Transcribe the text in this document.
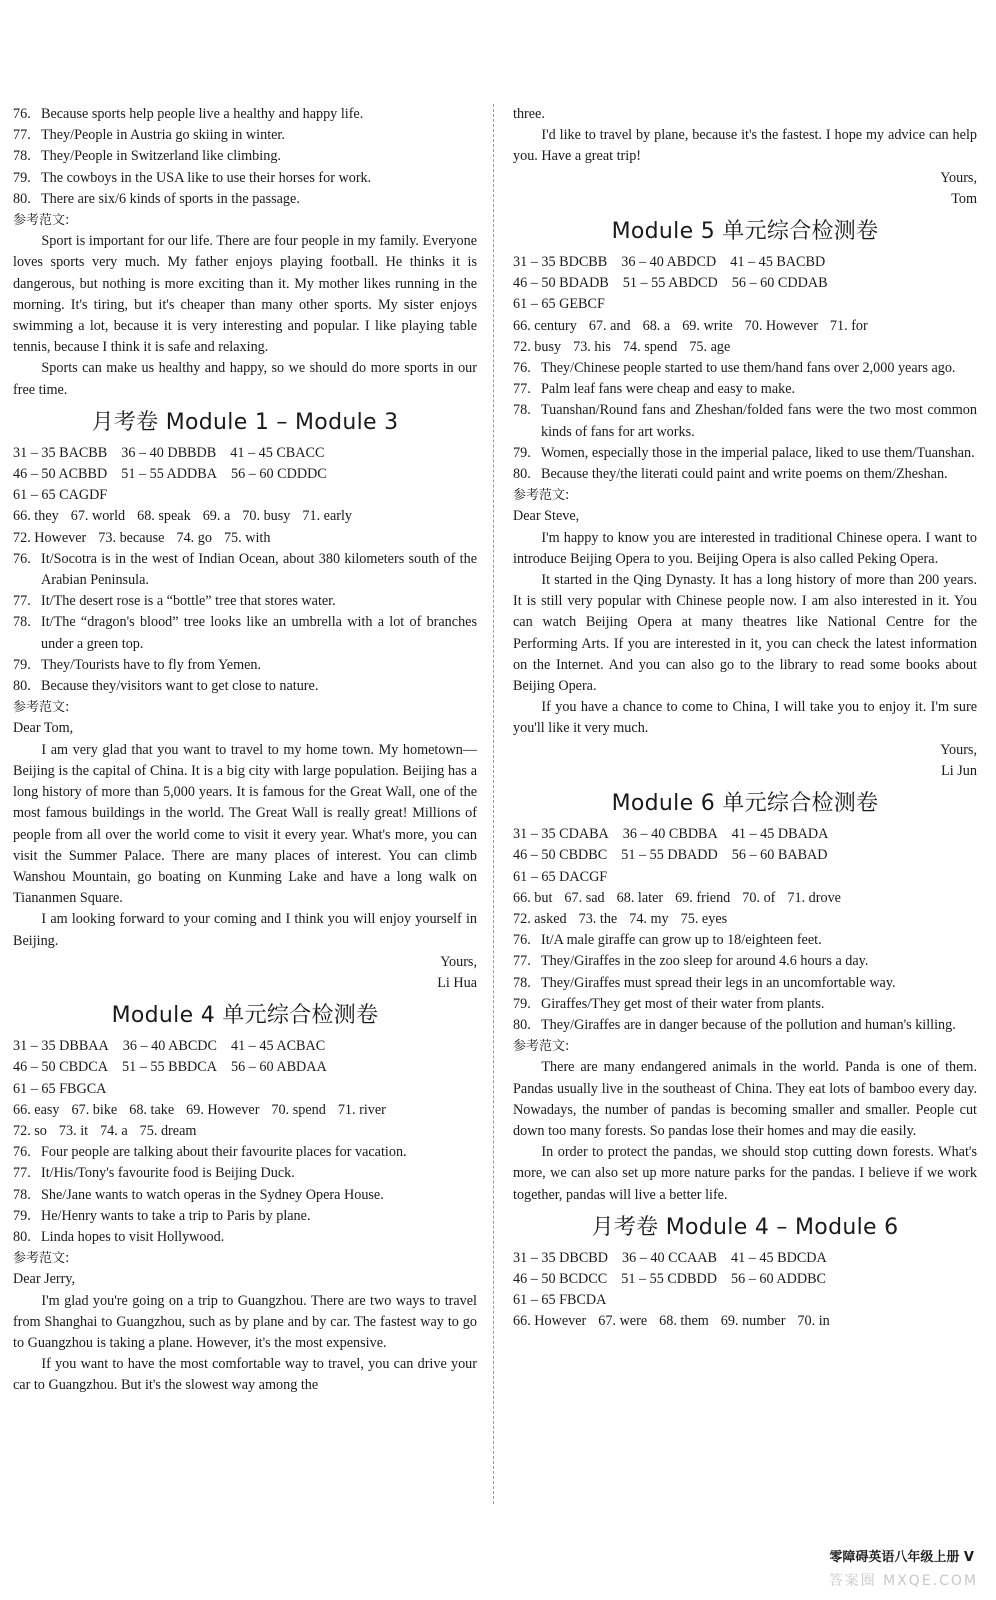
76. Because sports help people live a healthy and happy life.
77. They/People in Austria go skiing in winter.
78. They/People in Switzerland like climbing.
79. The cowboys in the USA like to use their horses for work.
80. There are six/6 kinds of sports in the passage.
参考范文:
Sport is important for our life. There are four people in my family. Everyone loves sports very much. My father enjoys playing football. He thinks it is dangerous, but nothing is more exciting than it. My mother likes running in the morning. It's tiring, but it's cheaper than many other sports. My sister enjoys swimming a lot, because it is very interesting and popular. I like playing table tennis, because I think it is safe and relaxing.
Sports can make us healthy and happy, so we should do more sports in our free time.
月考卷 Module 1 – Module 3
31 – 35 BACBB 36 – 40 DBBDB 41 – 45 CBACC
46 – 50 ACBBD 51 – 55 ADDBA 56 – 60 CDDDC
61 – 65 CAGDF
66. they 67. world 68. speak 69. a 70. busy 71. early
72. However 73. because 74. go 75. with
76. It/Socotra is in the west of Indian Ocean, about 380 kilometers south of the Arabian Peninsula.
77. It/The desert rose is a “bottle” tree that stores water.
78. It/The “dragon's blood” tree looks like an umbrella with a lot of branches under a green top.
79. They/Tourists have to fly from Yemen.
80. Because they/visitors want to get close to nature.
参考范文:
Dear Tom,
I am very glad that you want to travel to my home town. My hometown—Beijing is the capital of China. It is a big city with large population. Beijing has a long history of more than 5,000 years. It is famous for the Great Wall, one of the most famous buildings in the world. The Great Wall is really great! Millions of people from all over the world come to visit it every year. What's more, you can visit the Summer Palace. There are many places of interest. You can climb Wanshou Mountain, go boating on Kunming Lake and have a long walk on Tiananmen Square.
I am looking forward to your coming and I think you will enjoy yourself in Beijing.
Yours,
Li Hua
Module 4 单元综合检测卷
31 – 35 DBBAA 36 – 40 ABCDC 41 – 45 ACBAC
46 – 50 CBDCA 51 – 55 BBDCA 56 – 60 ABDAA
61 – 65 FBGCA
66. easy 67. bike 68. take 69. However 70. spend 71. river
72. so 73. it 74. a 75. dream
76. Four people are talking about their favourite places for vacation.
77. It/His/Tony's favourite food is Beijing Duck.
78. She/Jane wants to watch operas in the Sydney Opera House.
79. He/Henry wants to take a trip to Paris by plane.
80. Linda hopes to visit Hollywood.
参考范文:
Dear Jerry,
I'm glad you're going on a trip to Guangzhou. There are two ways to travel from Shanghai to Guangzhou, such as by plane and by car. The fastest way to go to Guangzhou is taking a plane. However, it's the most expensive.
If you want to have the most comfortable way to travel, you can drive your car to Guangzhou. But it's the slowest way among the
three.
I'd like to travel by plane, because it's the fastest. I hope my advice can help you. Have a great trip!
Yours,
Tom
Module 5 单元综合检测卷
31 – 35 BDCBB 36 – 40 ABDCD 41 – 45 BACBD
46 – 50 BDADB 51 – 55 ABDCD 56 – 60 CDDAB
61 – 65 GEBCF
66. century 67. and 68. a 69. write 70. However 71. for
72. busy 73. his 74. spend 75. age
76. They/Chinese people started to use them/hand fans over 2,000 years ago.
77. Palm leaf fans were cheap and easy to make.
78. Tuanshan/Round fans and Zheshan/folded fans were the two most common kinds of fans for art works.
79. Women, especially those in the imperial palace, liked to use them/Tuanshan.
80. Because they/the literati could paint and write poems on them/Zheshan.
参考范文:
Dear Steve,
I'm happy to know you are interested in traditional Chinese opera. I want to introduce Beijing Opera to you. Beijing Opera is also called Peking Opera.
It started in the Qing Dynasty. It has a long history of more than 200 years. It is still very popular with Chinese people now. I am also interested in it. You can watch Beijing Opera at many theatres like National Centre for the Performing Arts. If you are interested in it, you can check the latest information on the Internet. And you can also go to the library to read some books about Beijing Opera.
If you have a chance to come to China, I will take you to enjoy it. I'm sure you'll like it very much.
Yours,
Li Jun
Module 6 单元综合检测卷
31 – 35 CDABA 36 – 40 CBDBA 41 – 45 DBADA
46 – 50 CBDBC 51 – 55 DBADD 56 – 60 BABAD
61 – 65 DACGF
66. but 67. sad 68. later 69. friend 70. of 71. drove
72. asked 73. the 74. my 75. eyes
76. It/A male giraffe can grow up to 18/eighteen feet.
77. They/Giraffes in the zoo sleep for around 4.6 hours a day.
78. They/Giraffes must spread their legs in an uncomfortable way.
79. Giraffes/They get most of their water from plants.
80. They/Giraffes are in danger because of the pollution and human's killing.
参考范文:
There are many endangered animals in the world. Panda is one of them. Pandas usually live in the southeast of China. They eat lots of bamboo every day. Nowadays, the number of pandas is becoming smaller and smaller. People cut down too many forests. So pandas lose their homes and may die easily.
In order to protect the pandas, we should stop cutting down forests. What's more, we can also set up more nature parks for the pandas. I believe if we work together, pandas will live a better life.
月考卷 Module 4 – Module 6
31 – 35 DBCBD 36 – 40 CCAAB 41 – 45 BDCDA
46 – 50 BCDCC 51 – 55 CDBDD 56 – 60 ADDBC
61 – 65 FBCDA
66. However 67. were 68. them 69. number 70. in
零障碍英语八年级上册 V
答案圈 MXQE.COM
